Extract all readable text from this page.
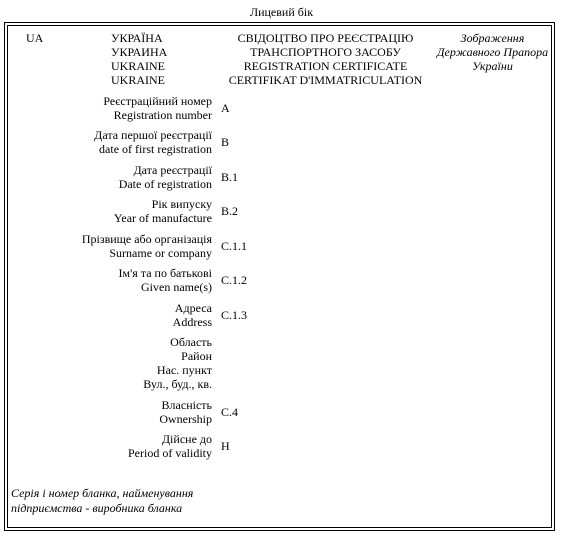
Лицевий бік
UA	УКРАЇНА
УКРАИНА
UKRAINE
UKRAINE
СВІДОЦТВО ПРО РЕЄСТРАЦІЮ
ТРАНСПОРТНОГО ЗАСОБУ
REGISTRATION CERTIFICATE
CERTIFIKAT D'IMMATRICULATION
Зображення
Державного Прапора
України
Реєстраційний номер
Registration number A
Дата першої реєстрації
date of first registration B
Дата реєстрації
Date of registration B.1
Рік випуску
Year of manufacture B.2
Прізвище або організація
Surname or company C.1.1
Ім'я та по батькові
Given name(s) C.1.2
Адреса
Address C.1.3
Область
Район
Нас. пункт
Вул., буд., кв.
Власність
Ownership C.4
Дійсне до
Period of validity H
Серія і номер бланка, найменування
підприємства - виробника бланка
